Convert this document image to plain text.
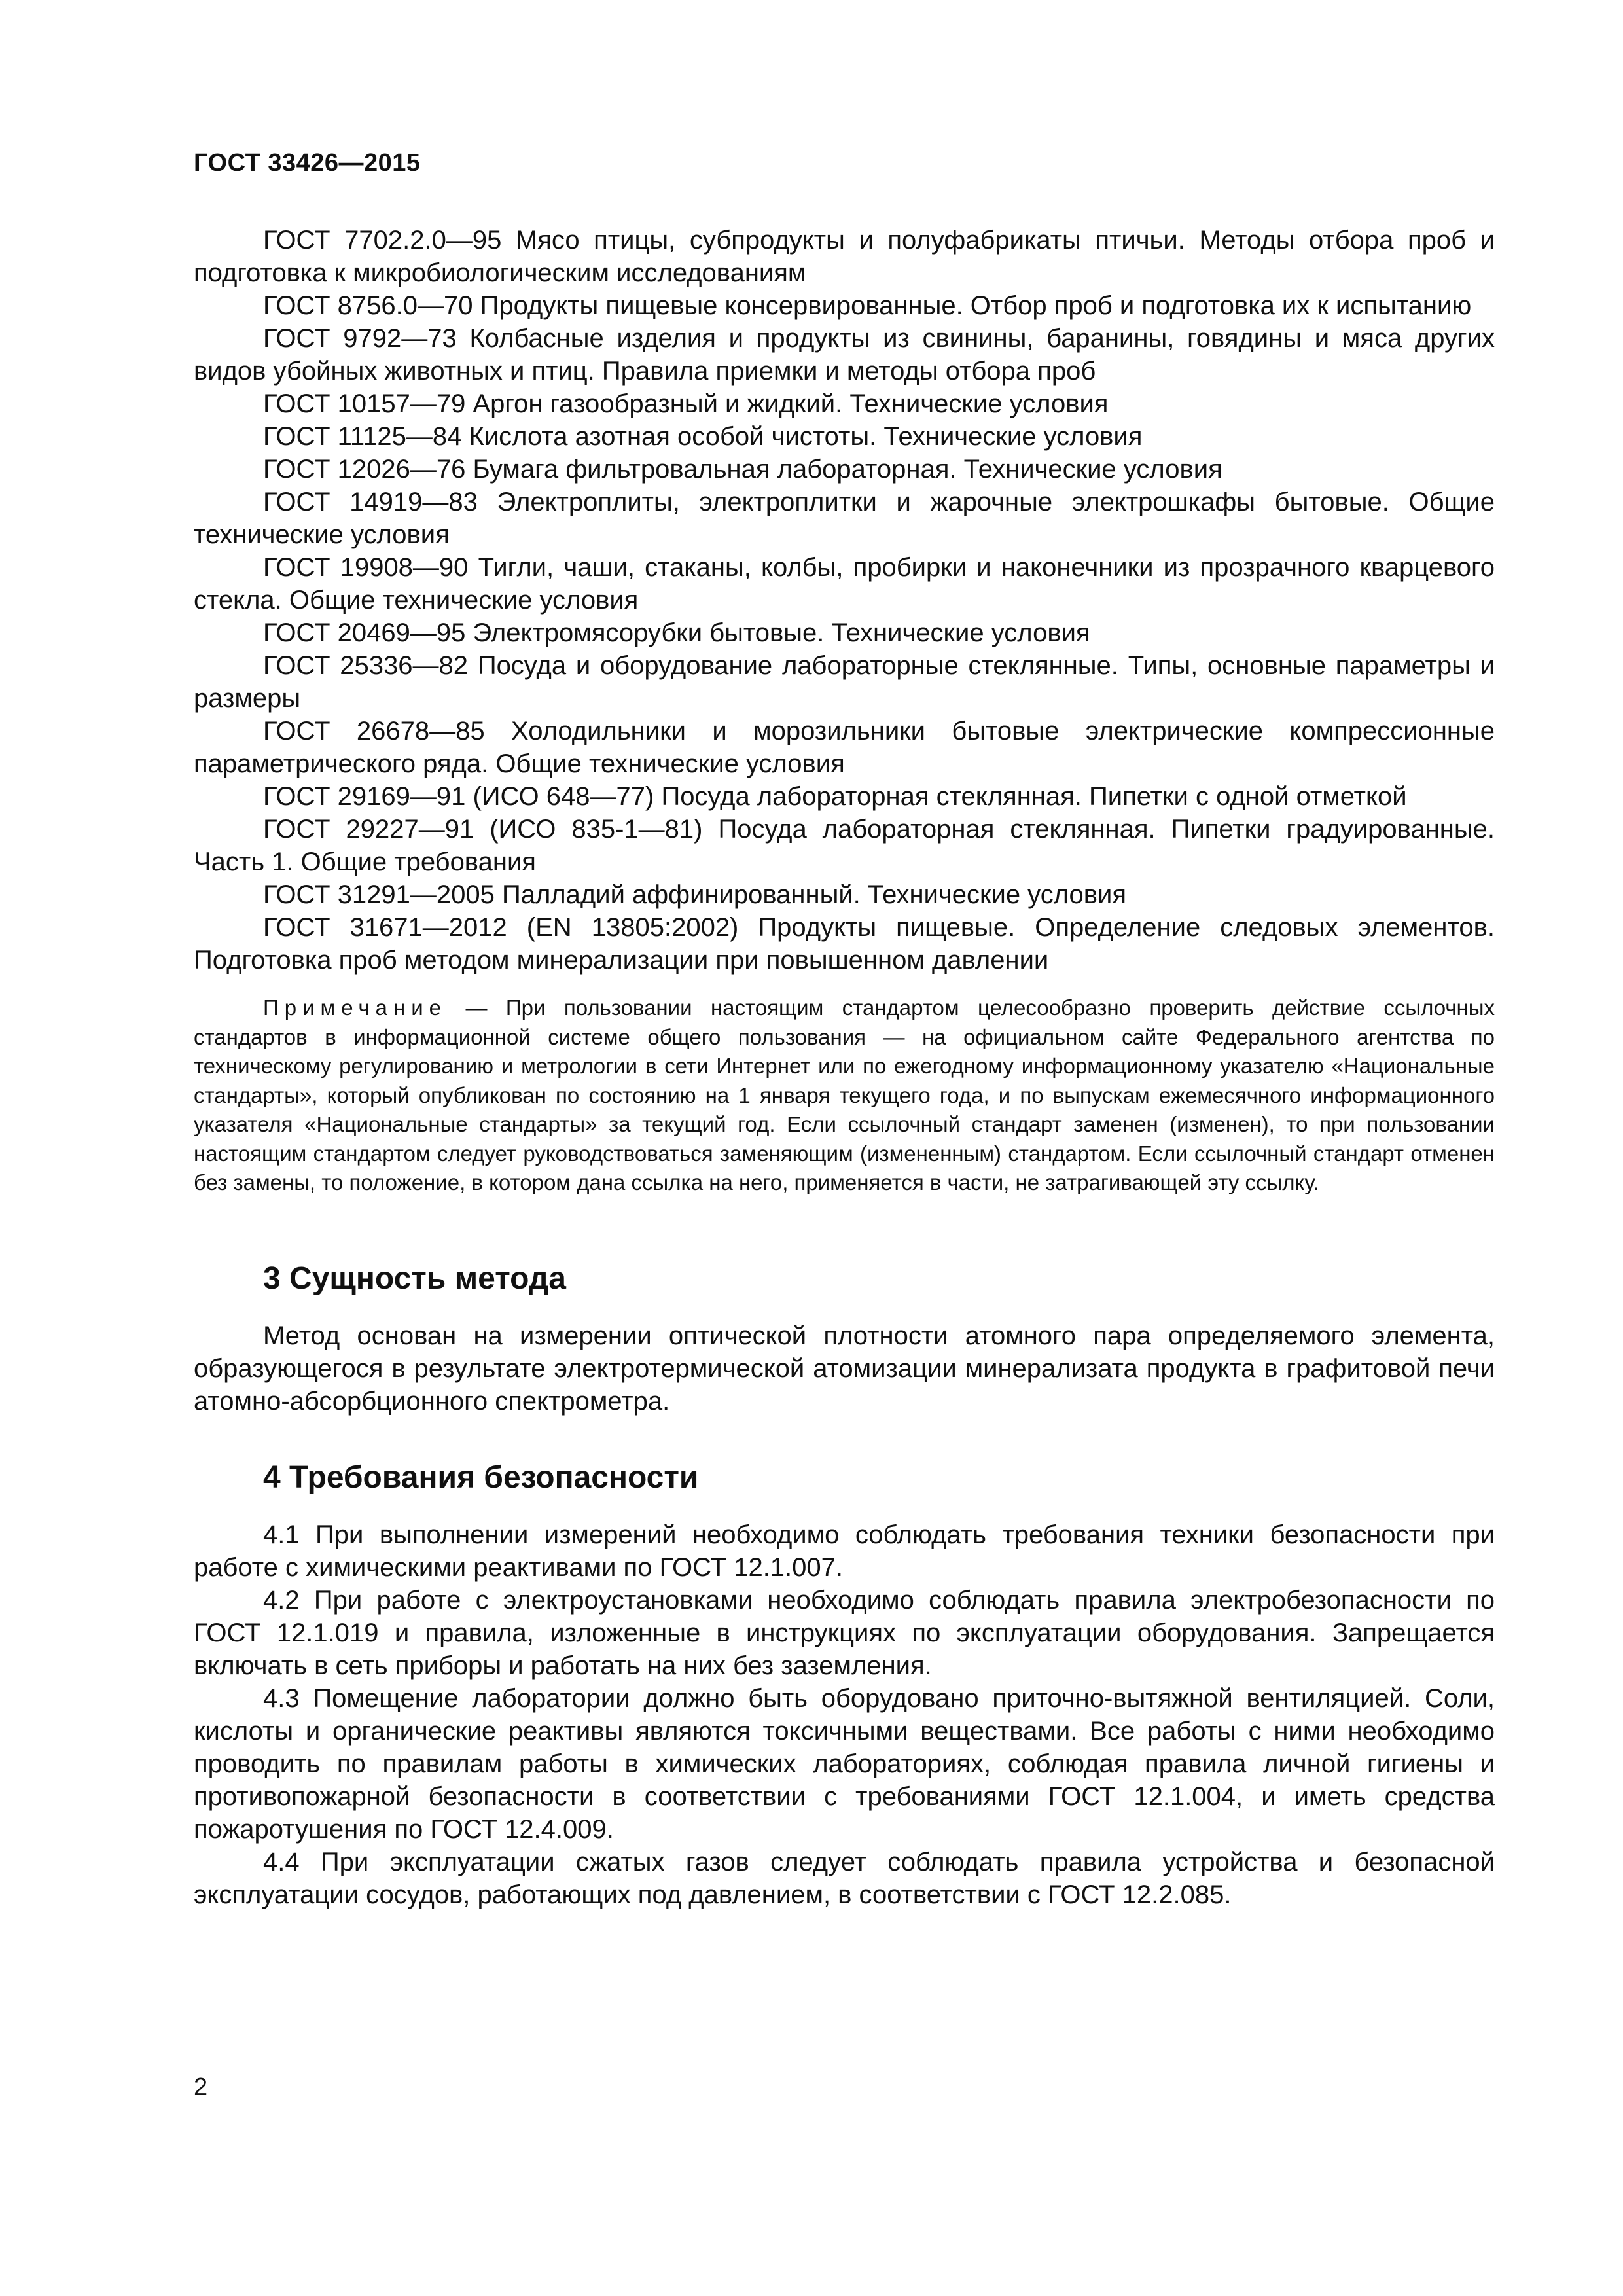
ГОСТ 33426—2015

ГОСТ 7702.2.0—95 Мясо птицы, субпродукты и полуфабрикаты птичьи. Методы отбора проб и подготовка к микробиологическим исследованиям

ГОСТ 8756.0—70 Продукты пищевые консервированные. Отбор проб и подготовка их к испытанию

ГОСТ 9792—73 Колбасные изделия и продукты из свинины, баранины, говядины и мяса других видов убойных животных и птиц. Правила приемки и методы отбора проб

ГОСТ 10157—79 Аргон газообразный и жидкий. Технические условия

ГОСТ 11125—84 Кислота азотная особой чистоты. Технические условия

ГОСТ 12026—76 Бумага фильтровальная лабораторная. Технические условия

ГОСТ 14919—83 Электроплиты, электроплитки и жарочные электрошкафы бытовые. Общие технические условия

ГОСТ 19908—90 Тигли, чаши, стаканы, колбы, пробирки и наконечники из прозрачного кварцевого стекла. Общие технические условия

ГОСТ 20469—95 Электромясорубки бытовые. Технические условия

ГОСТ 25336—82 Посуда и оборудование лабораторные стеклянные. Типы, основные параметры и размеры

ГОСТ 26678—85 Холодильники и морозильники бытовые электрические компрессионные параметрического ряда. Общие технические условия

ГОСТ 29169—91 (ИСО 648—77) Посуда лабораторная стеклянная. Пипетки с одной отметкой

ГОСТ 29227—91 (ИСО 835-1—81) Посуда лабораторная стеклянная. Пипетки градуированные. Часть 1. Общие требования

ГОСТ 31291—2005 Палладий аффинированный. Технические условия

ГОСТ 31671—2012 (EN 13805:2002) Продукты пищевые. Определение следовых элементов. Подготовка проб методом минерализации при повышенном давлении

Примечание — При пользовании настоящим стандартом целесообразно проверить действие ссылочных стандартов в информационной системе общего пользования — на официальном сайте Федерального агентства по техническому регулированию и метрологии в сети Интернет или по ежегодному информационному указателю «Национальные стандарты», который опубликован по состоянию на 1 января текущего года, и по выпускам ежемесячного информационного указателя «Национальные стандарты» за текущий год. Если ссылочный стандарт заменен (изменен), то при пользовании настоящим стандартом следует руководствоваться заменяющим (измененным) стандартом. Если ссылочный стандарт отменен без замены, то положение, в котором дана ссылка на него, применяется в части, не затрагивающей эту ссылку.
3 Сущность метода

Метод основан на измерении оптической плотности атомного пара определяемого элемента, образующегося в результате электротермической атомизации минерализата продукта в графитовой печи атомно-абсорбционного спектрометра.

4 Требования безопасности

4.1 При выполнении измерений необходимо соблюдать требования техники безопасности при работе с химическими реактивами по ГОСТ 12.1.007.

4.2 При работе с электроустановками необходимо соблюдать правила электробезопасности по ГОСТ 12.1.019 и правила, изложенные в инструкциях по эксплуатации оборудования. Запрещается включать в сеть приборы и работать на них без заземления.

4.3 Помещение лаборатории должно быть оборудовано приточно-вытяжной вентиляцией. Соли, кислоты и органические реактивы являются токсичными веществами. Все работы с ними необходимо проводить по правилам работы в химических лабораториях, соблюдая правила личной гигиены и противопожарной безопасности в соответствии с требованиями ГОСТ 12.1.004, и иметь средства пожаротушения по ГОСТ 12.4.009.

4.4 При эксплуатации сжатых газов следует соблюдать правила устройства и безопасной эксплуатации сосудов, работающих под давлением, в соответствии с ГОСТ 12.2.085.

2
